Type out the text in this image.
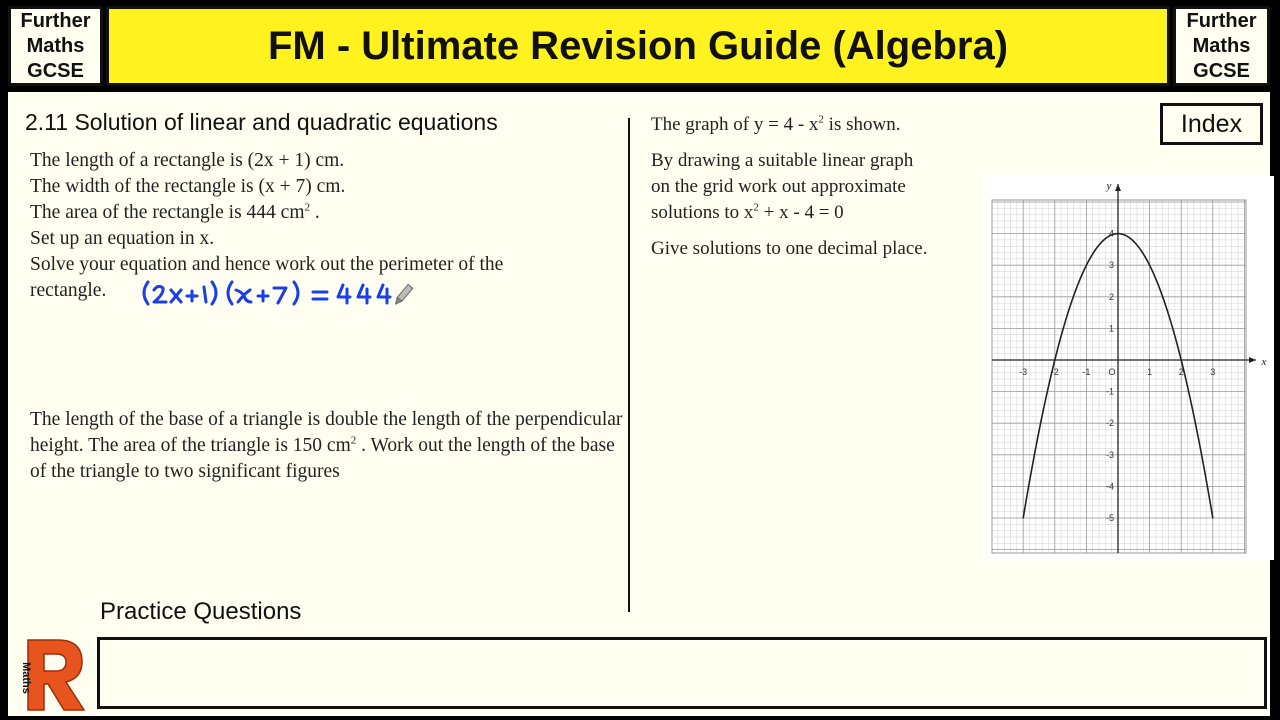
Further
Maths
GCSE
FM - Ultimate Revision Guide (Algebra)
Further
Maths
GCSE
2.11 Solution of linear and quadratic equations
The length of a rectangle is (2x + 1) cm.
The width of the rectangle is (x + 7) cm.
The area of the rectangle is 444 $cm^2$ .
Set up an equation in x.
Solve your equation and hence work out the perimeter of the
rectangle.
The length of the base of a triangle is double the length of the perpendicular height. The area of the triangle is 150 $cm^2$ . Work out the length of the base of the triangle to two significant figures
The graph of $y = 4 - x^2$ is shown.
By drawing a suitable linear graph
on the grid work out approximate
solutions to $x^2 + x - 4 = 0$
Give solutions to one decimal place.
Index
x
y
-3	-2	-1 O	1	2	3
4
3
2
1
-1
-2
-3
-4
-5
Practice Questions
Maths
